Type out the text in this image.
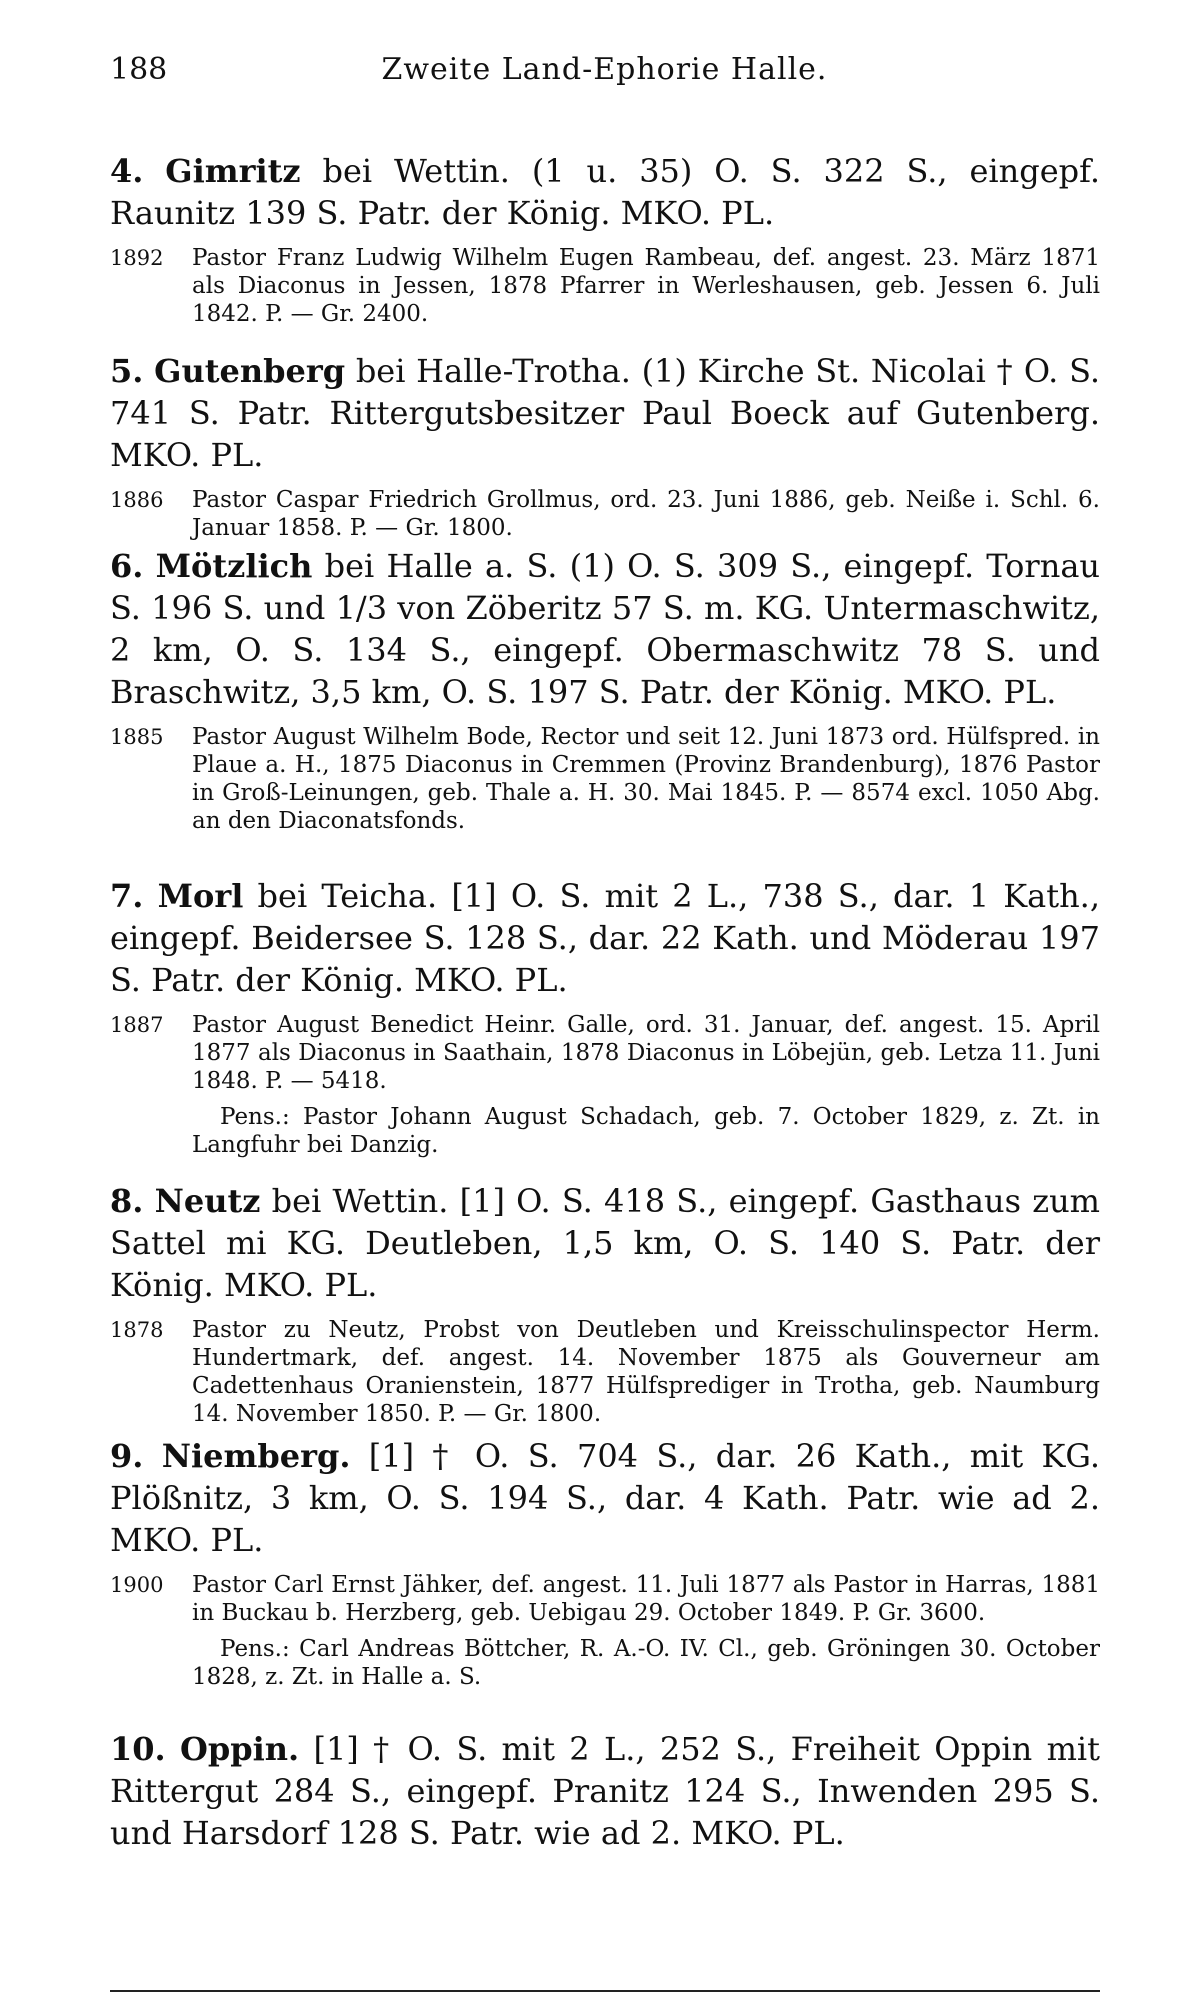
188	Zweite Land-Ephorie Halle.

4. Gimritz bei Wettin. (1 u. 35) O. S. 322 S., eingepf. Raunitz 139 S. Patr. der König. MKO. PL.

1892 Pastor Franz Ludwig Wilhelm Eugen Rambeau, def. angest. 23. März 1871 als Diaconus in Jessen, 1878 Pfarrer in Werleshausen, geb. Jessen 6. Juli 1842. P. — Gr. 2400.

5. Gutenberg bei Halle-Trotha. (1) Kirche St. Nicolai † O. S. 741 S. Patr. Rittergutsbesitzer Paul Boeck auf Gutenberg. MKO. PL.

1886 Pastor Caspar Friedrich Grollmus, ord. 23. Juni 1886, geb. Neiße i. Schl. 6. Januar 1858. P. — Gr. 1800.

6. Mötzlich bei Halle a. S. (1) O. S. 309 S., eingepf. Tornau S. 196 S. und 1/3 von Zöberitz 57 S. m. KG. Untermaschwitz, 2 km, O. S. 134 S., eingepf. Obermaschwitz 78 S. und Braschwitz, 3,5 km, O. S. 197 S. Patr. der König. MKO. PL.

1885 Pastor August Wilhelm Bode, Rector und seit 12. Juni 1873 ord. Hülfspred. in Plaue a. H., 1875 Diaconus in Cremmen (Provinz Brandenburg), 1876 Pastor in Groß-Leinungen, geb. Thale a. H. 30. Mai 1845. P. — 8574 excl. 1050 Abg. an den Diaconatsfonds.

7. Morl bei Teicha. [1] O. S. mit 2 L., 738 S., dar. 1 Kath., eingepf. Beidersee S. 128 S., dar. 22 Kath. und Möderau 197 S. Patr. der König. MKO. PL.

1887 Pastor August Benedict Heinr. Galle, ord. 31. Januar, def. angest. 15. April 1877 als Diaconus in Saathain, 1878 Diaconus in Löbejün, geb. Letza 11. Juni 1848. P. — 5418.

Pens.: Pastor Johann August Schadach, geb. 7. October 1829, z. Zt. in Langfuhr bei Danzig.

8. Neutz bei Wettin. [1] O. S. 418 S., eingepf. Gasthaus zum Sattel mi KG. Deutleben, 1,5 km, O. S. 140 S. Patr. der König. MKO. PL.

1878 Pastor zu Neutz, Probst von Deutleben und Kreisschulinspector Herm. Hundertmark, def. angest. 14. November 1875 als Gouverneur am Cadettenhaus Oranienstein, 1877 Hülfsprediger in Trotha, geb. Naumburg 14. November 1850. P. — Gr. 1800.

9. Niemberg. [1] † O. S. 704 S., dar. 26 Kath., mit KG. Plößnitz, 3 km, O. S. 194 S., dar. 4 Kath. Patr. wie ad 2. MKO. PL.

1900 Pastor Carl Ernst Jähker, def. angest. 11. Juli 1877 als Pastor in Harras, 1881 in Buckau b. Herzberg, geb. Uebigau 29. October 1849. P. Gr. 3600.

Pens.: Carl Andreas Böttcher, R. A.-O. IV. Cl., geb. Gröningen 30. October 1828, z. Zt. in Halle a. S.

10. Oppin. [1] † O. S. mit 2 L., 252 S., Freiheit Oppin mit Rittergut 284 S., eingepf. Pranitz 124 S., Inwenden 295 S. und Harsdorf 128 S. Patr. wie ad 2. MKO. PL.
